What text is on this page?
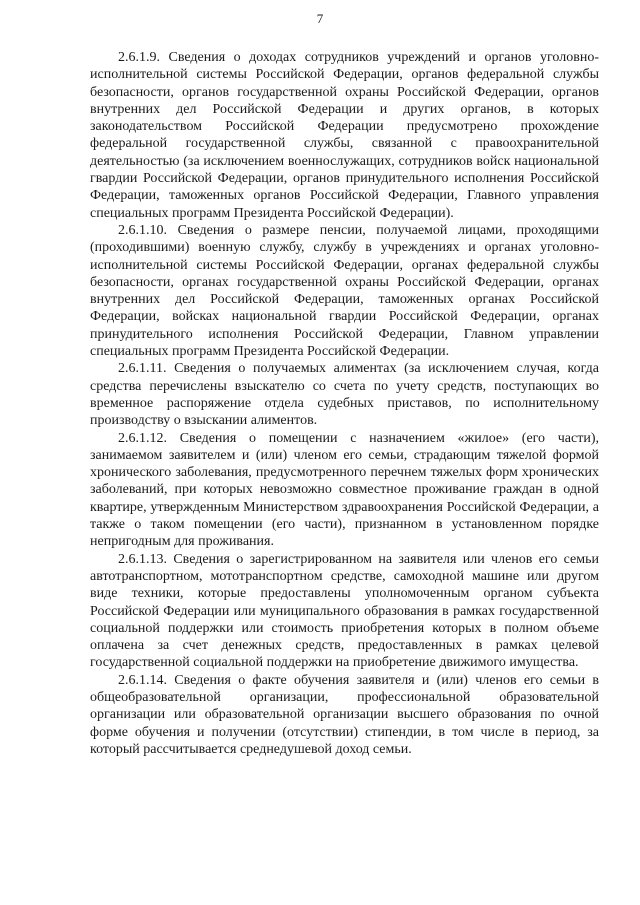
7

2.6.1.9. Сведения о доходах сотрудников учреждений и органов уголовно-исполнительной системы Российской Федерации, органов федеральной службы безопасности, органов государственной охраны Российской Федерации, органов внутренних дел Российской Федерации и других органов, в которых законодательством Российской Федерации предусмотрено прохождение федеральной государственной службы, связанной с правоохранительной деятельностью (за исключением военнослужащих, сотрудников войск национальной гвардии Российской Федерации, органов принудительного исполнения Российской Федерации, таможенных органов Российской Федерации, Главного управления специальных программ Президента Российской Федерации).

2.6.1.10. Сведения о размере пенсии, получаемой лицами, проходящими (проходившими) военную службу, службу в учреждениях и органах уголовно-исполнительной системы Российской Федерации, органах федеральной службы безопасности, органах государственной охраны Российской Федерации, органах внутренних дел Российской Федерации, таможенных органах Российской Федерации, войсках национальной гвардии Российской Федерации, органах принудительного исполнения Российской Федерации, Главном управлении специальных программ Президента Российской Федерации.

2.6.1.11. Сведения о получаемых алиментах (за исключением случая, когда средства перечислены взыскателю со счета по учету средств, поступающих во временное распоряжение отдела судебных приставов, по исполнительному производству о взыскании алиментов.

2.6.1.12. Сведения о помещении с назначением «жилое» (его части), занимаемом заявителем и (или) членом его семьи, страдающим тяжелой формой хронического заболевания, предусмотренного перечнем тяжелых форм хронических заболеваний, при которых невозможно совместное проживание граждан в одной квартире, утвержденным Министерством здравоохранения Российской Федерации, а также о таком помещении (его части), признанном в установленном порядке непригодным для проживания.

2.6.1.13. Сведения о зарегистрированном на заявителя или членов его семьи автотранспортном, мототранспортном средстве, самоходной машине или другом виде техники, которые предоставлены уполномоченным органом субъекта Российской Федерации или муниципального образования в рамках государственной социальной поддержки или стоимость приобретения которых в полном объеме оплачена за счет денежных средств, предоставленных в рамках целевой государственной социальной поддержки на приобретение движимого имущества.

2.6.1.14. Сведения о факте обучения заявителя и (или) членов его семьи в общеобразовательной организации, профессиональной образовательной организации или образовательной организации высшего образования по очной форме обучения и получении (отсутствии) стипендии, в том числе в период, за который рассчитывается среднедушевой доход семьи.
